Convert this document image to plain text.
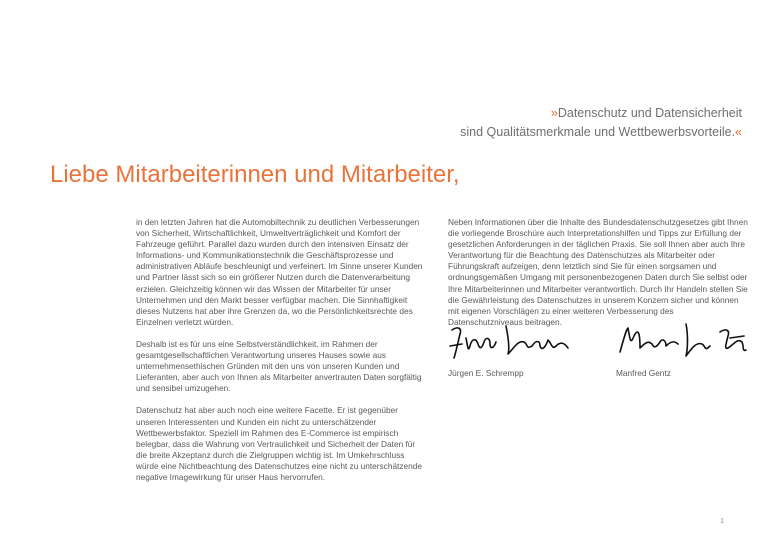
»Datenschutz und Datensicherheit
sind Qualitätsmerkmale und Wettbewerbsvorteile.«
Liebe Mitarbeiterinnen und Mitarbeiter,

in den letzten Jahren hat die Automobiltechnik zu deutlichen Verbesserungen von Sicherheit, Wirtschaftlichkeit, Umweltverträglichkeit und Komfort der Fahrzeuge geführt. Parallel dazu wurden durch den intensiven Einsatz der Informations- und Kommunikationstechnik die Geschäftsprozesse und administrativen Abläufe beschleunigt und verfeinert. Im Sinne unserer Kunden und Partner lässt sich so ein größerer Nutzen durch die Datenverarbeitung erzielen. Gleichzeitig können wir das Wissen der Mitarbeiter für unser Unternehmen und den Markt besser verfügbar machen. Die Sinnhaftigkeit dieses Nutzens hat aber ihre Grenzen da, wo die Persönlichkeitsrechte des Einzelnen verletzt würden.

Deshalb ist es für uns eine Selbstverständlichkeit, im Rahmen der gesamtgesellschaftlichen Verantwortung unseres Hauses sowie aus unternehmensethischen Gründen mit den uns von unseren Kunden und Lieferanten, aber auch von Ihnen als Mitarbeiter anvertrauten Daten sorgfältig und sensibel umzugehen.

Datenschutz hat aber auch noch eine weitere Facette. Er ist gegenüber unseren Interessenten und Kunden ein nicht zu unterschätzender Wettbewerbsfaktor. Speziell im Rahmen des E-Commerce ist empirisch belegbar, dass die Wahrung von Vertraulichkeit und Sicherheit der Daten für die breite Akzeptanz durch die Zielgruppen wichtig ist. Im Umkehrschluss würde eine Nichtbeachtung des Datenschutzes eine nicht zu unterschätzende negative Imagewirkung für unser Haus hervorrufen.

Neben Informationen über die Inhalte des Bundesdatenschutzgesetzes gibt Ihnen die vorliegende Broschüre auch Interpretationshilfen und Tipps zur Erfüllung der gesetzlichen Anforderungen in der täglichen Praxis. Sie soll Ihnen aber auch Ihre Verantwortung für die Beachtung des Datenschutzes als Mitarbeiter oder Führungskraft aufzeigen, denn letztlich sind Sie für einen sorgsamen und ordnungsgemäßen Umgang mit personenbezogenen Daten durch Sie selbst oder Ihre Mitarbeiterinnen und Mitarbeiter verantwortlich. Durch Ihr Handeln stellen Sie die Gewährleistung des Datenschutzes in unserem Konzern sicher und können mit eigenen Vorschlägen zu einer weiteren Verbesserung des Datenschutzniveaus beitragen.

Jürgen E. Schrempp	Manfred Gentz
1
